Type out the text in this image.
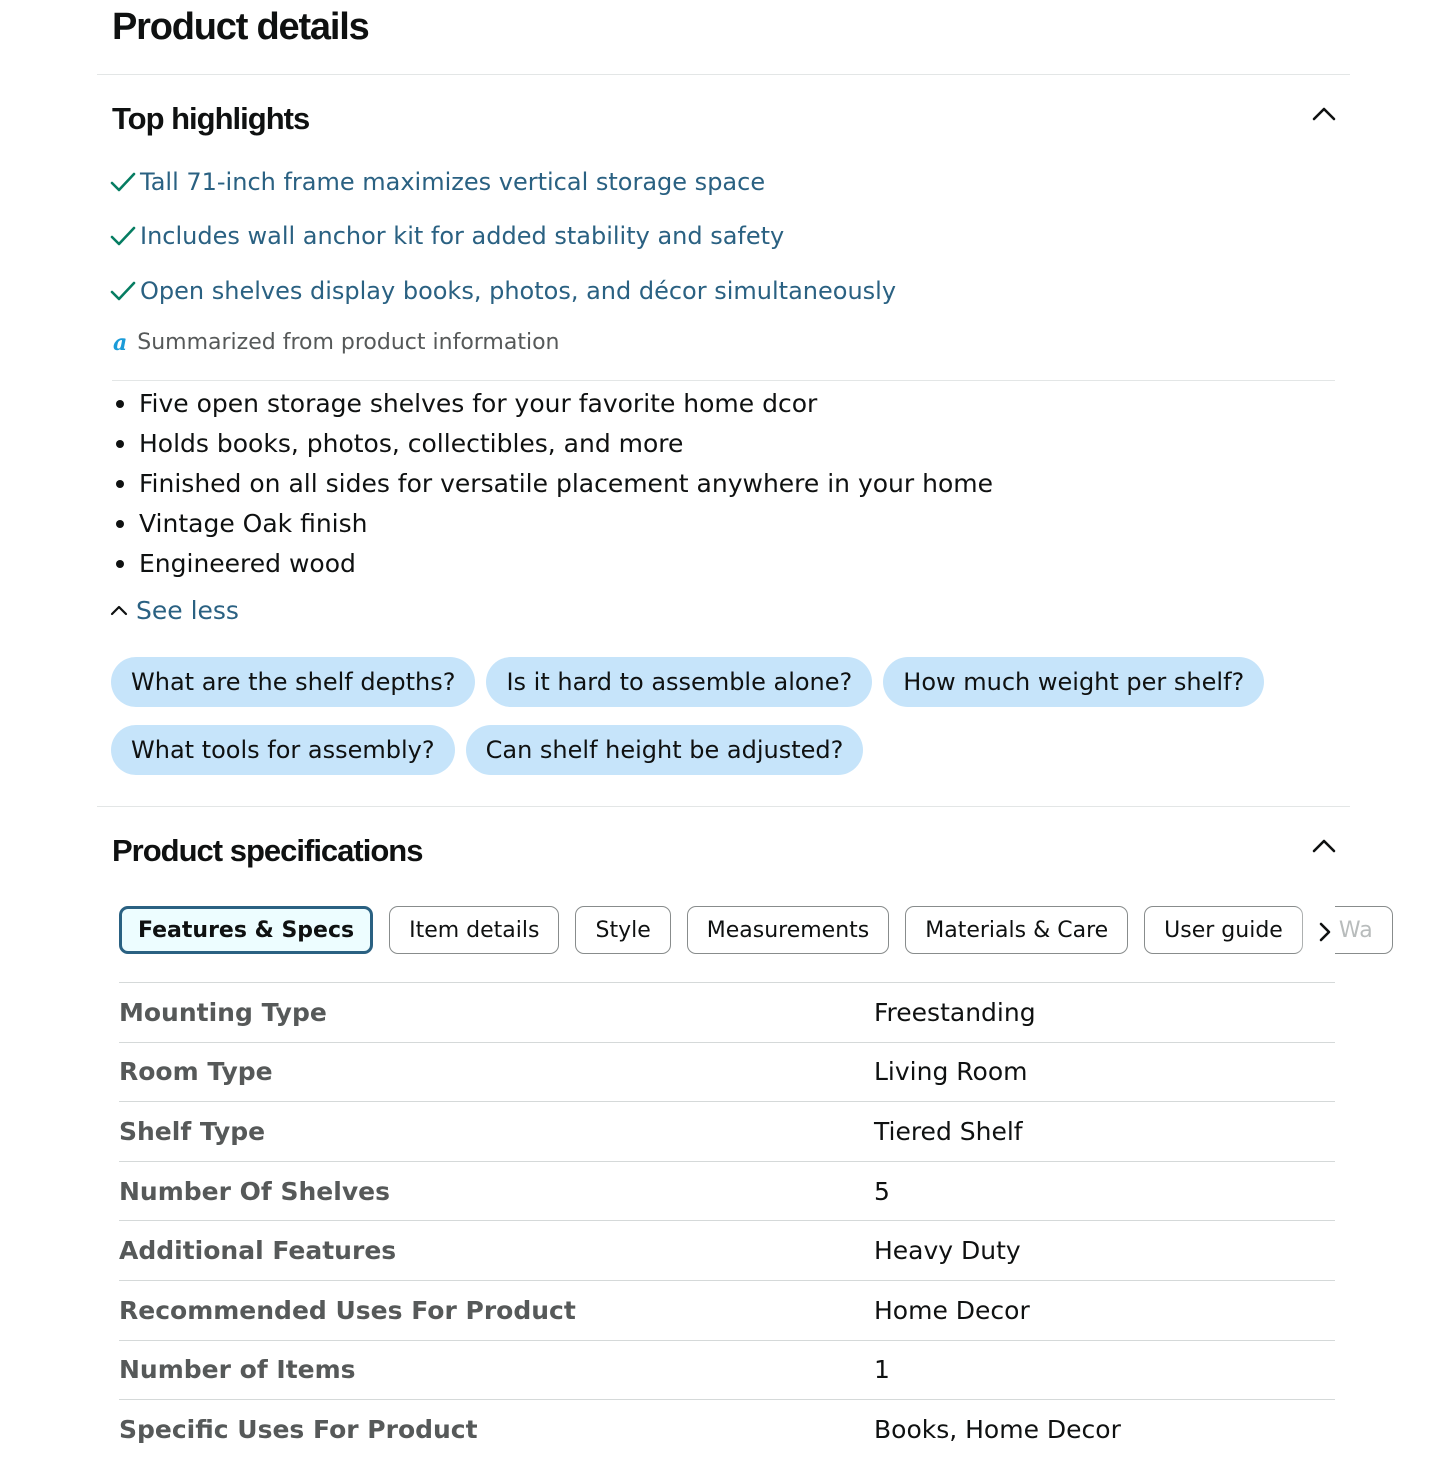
Product details
Top highlights
Tall 71-inch frame maximizes vertical storage space
Includes wall anchor kit for added stability and safety
Open shelves display books, photos, and décor simultaneously
a Summarized from product information
Five open storage shelves for your favorite home dcor
Holds books, photos, collectibles, and more
Finished on all sides for versatile placement anywhere in your home
Vintage Oak finish
Engineered wood
See less
What are the shelf depths?	Is it hard to assemble alone?	How much weight per shelf?
What tools for assembly?	Can shelf height be adjusted?
Product specifications
Features & Specs	Item details	Style	Measurements	Materials & Care	User guide	Wa
Mounting Type	Freestanding
Room Type	Living Room
Shelf Type	Tiered Shelf
Number Of Shelves	5
Additional Features	Heavy Duty
Recommended Uses For Product	Home Decor
Number of Items	1
Specific Uses For Product	Books, Home Decor
